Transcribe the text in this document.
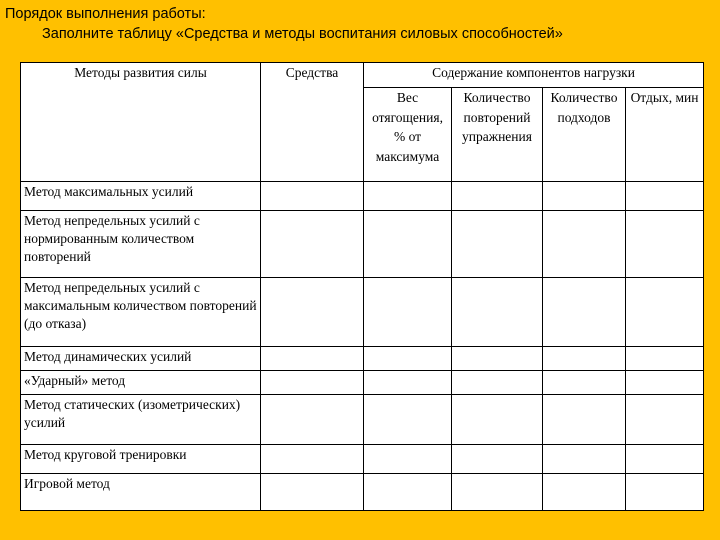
Порядок выполнения работы:
Заполните таблицу «Средства и методы воспитания силовых способностей»
Методы развития силы	Средства	Содержание компонентов нагрузки			
		Вес отягощения, % от максимума	Количество повторений упражнения	Количество подходов	Отдых, мин
Метод максимальных усилий					
Метод непредельных усилий с нормированным количеством повторений					
Метод непредельных усилий с максимальным количеством повторений (до отказа)					
Метод динамических усилий					
«Ударный» метод					
Метод статических (изометрических) усилий					
Метод круговой тренировки					
Игровой метод					
